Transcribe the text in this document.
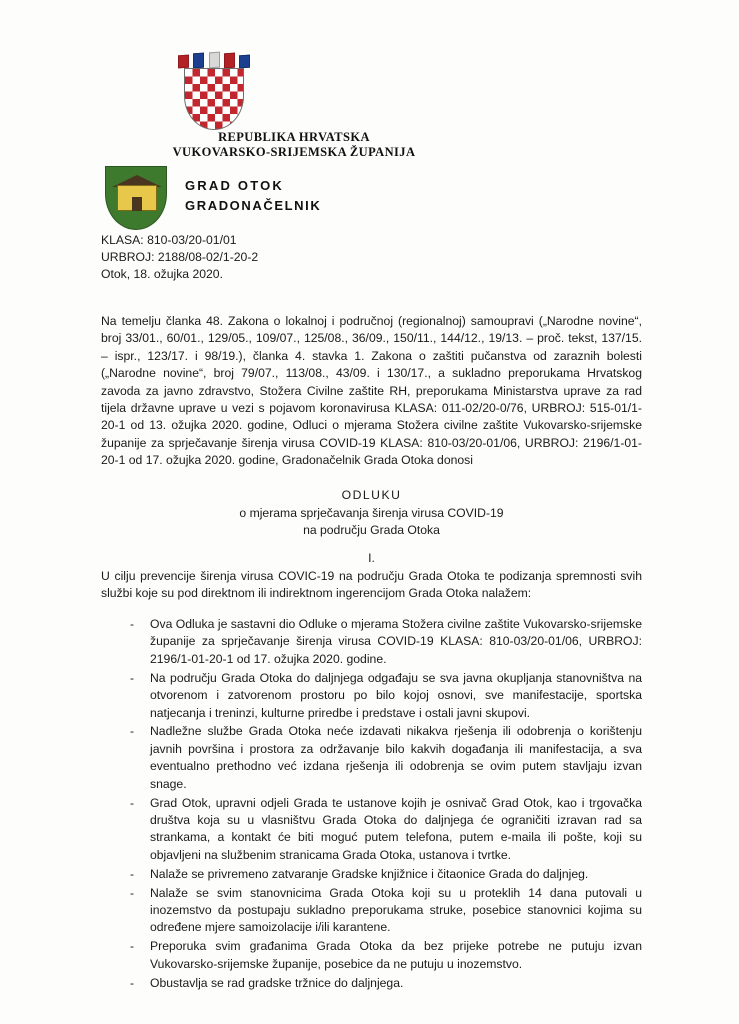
REPUBLIKA HRVATSKA
VUKOVARSKO-SRIJEMSKA ŽUPANIJA
GRAD OTOK
GRADONAČELNIK
KLASA: 810-03/20-01/01
URBROJ: 2188/08-02/1-20-2
Otok, 18. ožujka 2020.
Na temelju članka 48. Zakona o lokalnoj i područnoj (regionalnoj) samoupravi („Narodne novine“, broj 33/01., 60/01., 129/05., 109/07., 125/08., 36/09., 150/11., 144/12., 19/13. – proč. tekst, 137/15. – ispr., 123/17. i 98/19.), članka 4. stavka 1. Zakona o zaštiti pučanstva od zaraznih bolesti („Narodne novine“, broj 79/07., 113/08., 43/09. i 130/17., a sukladno preporukama Hrvatskog zavoda za javno zdravstvo, Stožera Civilne zaštite RH, preporukama Ministarstva uprave za rad tijela državne uprave u vezi s pojavom koronavirusa KLASA: 011-02/20-0/76, URBROJ: 515-01/1-20-1 od 13. ožujka 2020. godine, Odluci o mjerama Stožera civilne zaštite Vukovarsko-srijemske županije za sprječavanje širenja virusa COVID-19 KLASA: 810-03/20-01/06, URBROJ: 2196/1-01-20-1 od 17. ožujka 2020. godine, Gradonačelnik Grada Otoka donosi
ODLUKU
o mjerama sprječavanja širenja virusa COVID-19
na području Grada Otoka
I.
U cilju prevencije širenja virusa COVIC-19 na području Grada Otoka te podizanja spremnosti svih službi koje su pod direktnom ili indirektnom ingerencijom Grada Otoka nalažem:
-	Ova Odluka je sastavni dio Odluke o mjerama Stožera civilne zaštite Vukovarsko-srijemske županije za sprječavanje širenja virusa COVID-19 KLASA: 810-03/20-01/06, URBROJ: 2196/1-01-20-1 od 17. ožujka 2020. godine.
-	Na području Grada Otoka do daljnjega odgađaju se sva javna okupljanja stanovništva na otvorenom i zatvorenom prostoru po bilo kojoj osnovi, sve manifestacije, sportska natjecanja i treninzi, kulturne priredbe i predstave i ostali javni skupovi.
-	Nadležne službe Grada Otoka neće izdavati nikakva rješenja ili odobrenja o korištenju javnih površina i prostora za održavanje bilo kakvih događanja ili manifestacija, a sva eventualno prethodno već izdana rješenja ili odobrenja se ovim putem stavljaju izvan snage.
-	Grad Otok, upravni odjeli Grada te ustanove kojih je osnivač Grad Otok, kao i trgovačka društva koja su u vlasništvu Grada Otoka do daljnjega će ograničiti izravan rad sa strankama, a kontakt će biti moguć putem telefona, putem e-maila ili pošte, koji su objavljeni na službenim stranicama Grada Otoka, ustanova i tvrtke.
-	Nalaže se privremeno zatvaranje Gradske knjižnice i čitaonice Grada do daljnjeg.
-	Nalaže se svim stanovnicima Grada Otoka koji su u proteklih 14 dana putovali u inozemstvo da postupaju sukladno preporukama struke, posebice stanovnici kojima su određene mjere samoizolacije i/ili karantene.
-	Preporuka svim građanima Grada Otoka da bez prijeke potrebe ne putuju izvan Vukovarsko-srijemske županije, posebice da ne putuju u inozemstvo.
-	Obustavlja se rad gradske tržnice do daljnjega.
